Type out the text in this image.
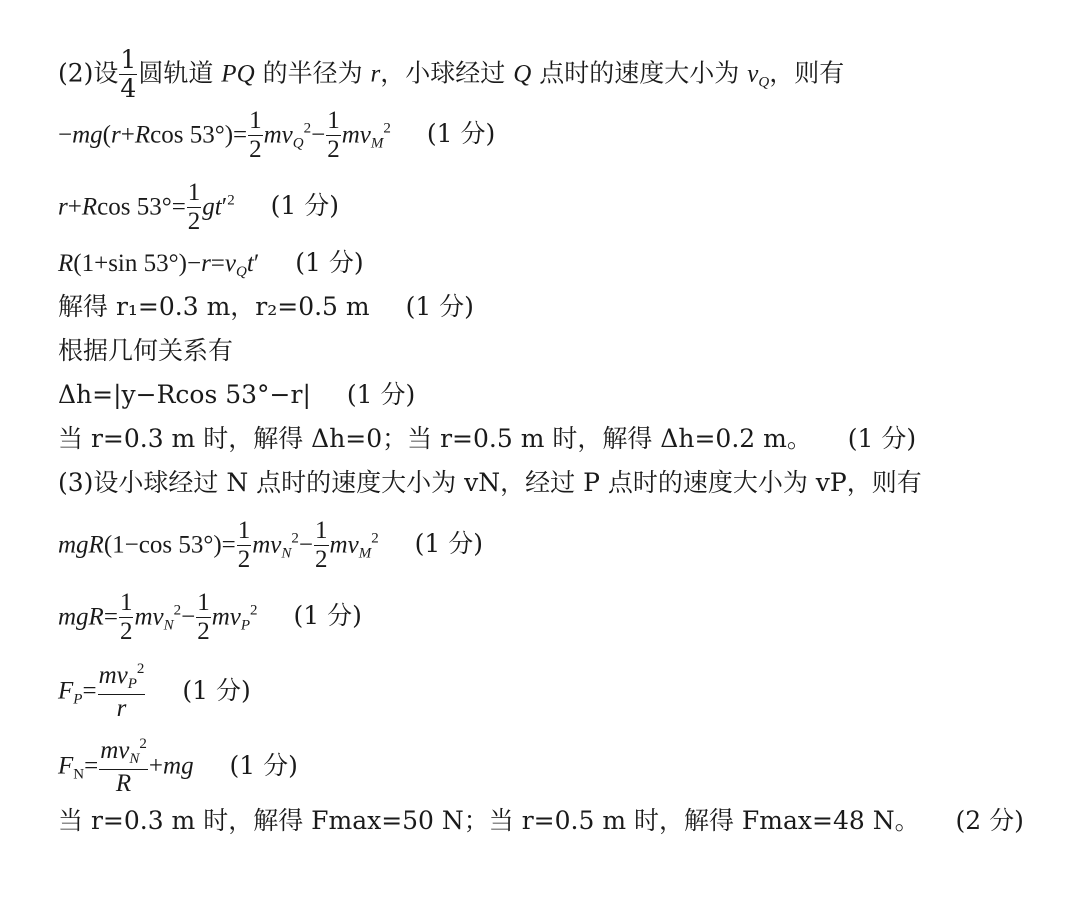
(2)设 $\frac{1}{4}$ 圆轨道 PQ 的半径为 r，小球经过 Q 点时的速度大小为 $v_Q$，则有
−mg(r+Rcos $53^\circ)= \frac{1}{2} mv_Q^2- \frac{1}{2} mv_M^2$ (1 分)
r+Rcos $53^\circ= \frac{1}{2} gt'^2$ (1 分)
R(1+sin $53^\circ)-r=v_Qt'$ (1 分)
解得 r₁=0.3 m，r₂=0.5 m (1 分)
根据几何关系有
Δh=|y−Rcos 53°−r| (1 分)
当 r=0.3 m 时，解得 Δh=0；当 r=0.5 m 时，解得 Δh=0.2 m。 (1 分)
(3)设小球经过 N 点时的速度大小为 vN，经过 P 点时的速度大小为 vP，则有
mgR(1−cos $53^\circ)= \frac{1}{2} mv_N^2- \frac{1}{2} mv_M^2$ (1 分)
$mgR= \frac{1}{2} mv_N^2- \frac{1}{2} mv_P^2$ (1 分)
$F_P= \frac{mv_P^2}{r} (1$ 分)
$F_N= \frac{mv_N^2}{R} +mg$ (1 分)
当 r=0.3 m 时，解得 Fmax=50 N；当 r=0.5 m 时，解得 Fmax=48 N。 (2 分)
